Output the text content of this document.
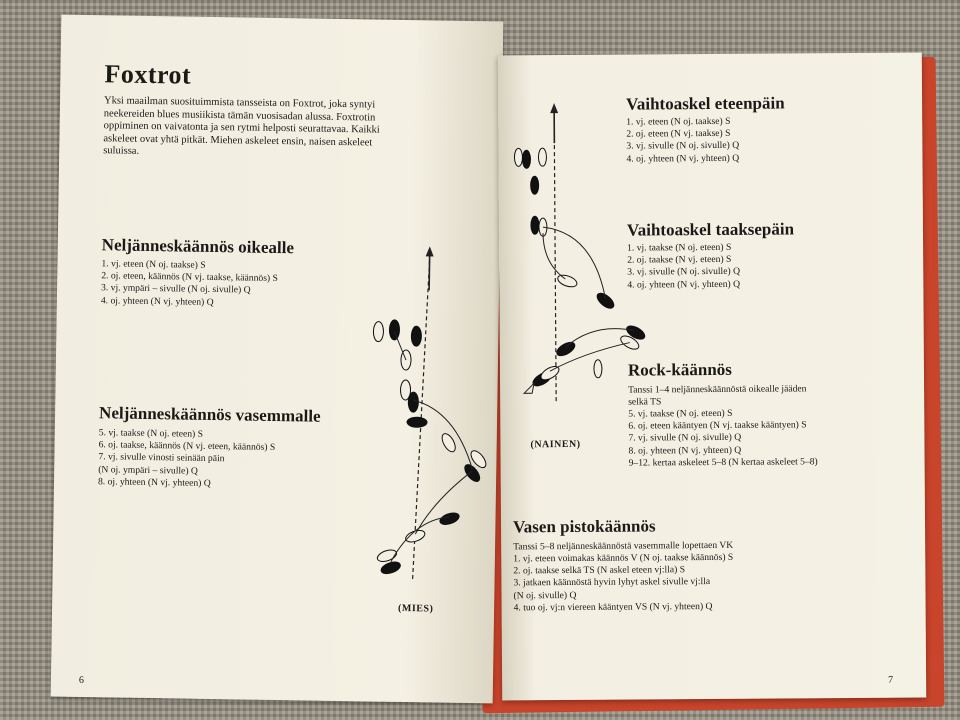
Foxtrot
Yksi maailman suosituimmista tansseista on Foxtrot, joka syntyi neekereiden blues musiikista tämän vuosisadan alussa. Foxtrotin oppiminen on vaivatonta ja sen rytmi helposti seurattavaa. Kaikki askeleet ovat yhtä pitkät. Miehen askeleet ensin, naisen askeleet suluissa.
Neljänneskäännös oikealle
1. vj. eteen (N oj. taakse) S
2. oj. eteen, käännös (N vj. taakse, käännös) S
3. vj. ympäri – sivulle (N oj. sivulle) Q
4. oj. yhteen (N vj. yhteen) Q
Neljänneskäännös vasemmalle
5. vj. taakse (N oj. eteen) S
6. oj. taakse, käännös (N vj. eteen, käännös) S
7. vj. sivulle vinosti seinään päin
(N oj. ympäri – sivulle) Q
8. oj. yhteen (N vj. yhteen) Q
(MIES)
6
Vaihtoaskel eteenpäin
1. vj. eteen (N oj. taakse) S
2. oj. eteen (N vj. taakse) S
3. vj. sivulle (N oj. sivulle) Q
4. oj. yhteen (N vj. yhteen) Q
Vaihtoaskel taaksepäin
1. vj. taakse (N oj. eteen) S
2. oj. taakse (N vj. eteen) S
3. vj. sivulle (N oj. sivulle) Q
4. oj. yhteen (N vj. yhteen) Q
Rock-käännös
Tanssi 1–4 neljänneskäännöstä oikealle jääden
selkä TS
5. vj. taakse (N oj. eteen) S
6. oj. eteen kääntyen (N vj. taakse kääntyen) S
7. vj. sivulle (N oj. sivulle) Q
8. oj. yhteen (N vj. yhteen) Q
9–12. kertaa askeleet 5–8 (N kertaa askeleet 5–8)
(NAINEN)
Vasen pistokäännös
Tanssi 5–8 neljänneskäännöstä vasemmalle lopettaen VK
1. vj. eteen voimakas käännös V (N oj. taakse käännös) S
2. oj. taakse selkä TS (N askel eteen vj:lla) S
3. jatkaen käännöstä hyvin lyhyt askel sivulle vj:lla
(N oj. sivulle) Q
4. tuo oj. vj:n viereen kääntyen VS (N vj. yhteen) Q
7
